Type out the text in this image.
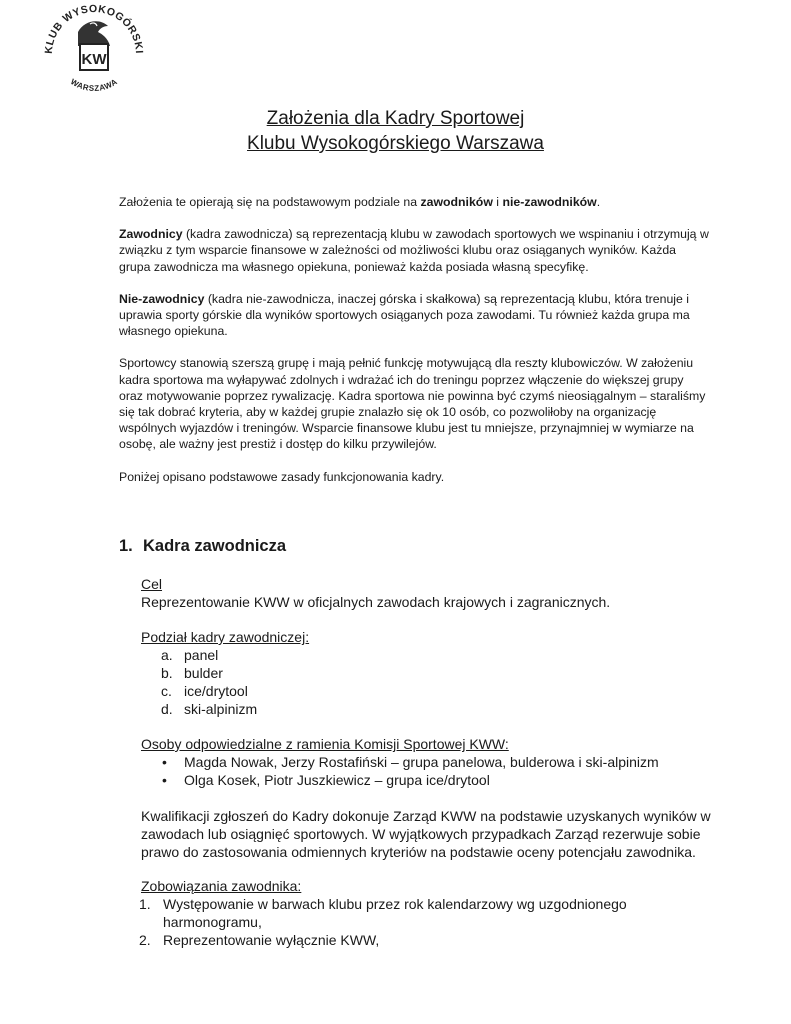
KLUB WYSOKOGÓRSKI
WARSZAWA
KW
Założenia dla Kadry Sportowej
Klubu Wysokogórskiego Warszawa

Założenia te opierają się na podstawowym podziale na zawodników i nie-zawodników.

Zawodnicy (kadra zawodnicza) są reprezentacją klubu w zawodach sportowych we wspinaniu i otrzymują w związku z tym wsparcie finansowe w zależności od możliwości klubu oraz osiąganych wyników. Każda grupa zawodnicza ma własnego opiekuna, ponieważ każda posiada własną specyfikę.

Nie-zawodnicy (kadra nie-zawodnicza, inaczej górska i skałkowa) są reprezentacją klubu, która trenuje i uprawia sporty górskie dla wyników sportowych osiąganych poza zawodami. Tu również każda grupa ma własnego opiekuna.

Sportowcy stanowią szerszą grupę i mają pełnić funkcję motywującą dla reszty klubowiczów. W założeniu kadra sportowa ma wyłapywać zdolnych i wdrażać ich do treningu poprzez włączenie do większej grupy oraz motywowanie poprzez rywalizację. Kadra sportowa nie powinna być czymś nieosiągalnym – staraliśmy się tak dobrać kryteria, aby w każdej grupie znalazło się ok 10 osób, co pozwoliłoby na organizację wspólnych wyjazdów i treningów. Wsparcie finansowe klubu jest tu mniejsze, przynajmniej w wymiarze na osobę, ale ważny jest prestiż i dostęp do kilku przywilejów.

Poniżej opisano podstawowe zasady funkcjonowania kadry.

1. Kadra zawodnicza
Cel
Reprezentowanie KWW w oficjalnych zawodach krajowych i zagranicznych.
Podział kadry zawodniczej:
a. panel
b. bulder
c. ice/drytool
d. ski-alpinizm
Osoby odpowiedzialne z ramienia Komisji Sportowej KWW:
• Magda Nowak, Jerzy Rostafiński – grupa panelowa, bulderowa i ski-alpinizm
• Olga Kosek, Piotr Juszkiewicz – grupa ice/drytool
Kwalifikacji zgłoszeń do Kadry dokonuje Zarząd KWW na podstawie uzyskanych wyników w zawodach lub osiągnięć sportowych. W wyjątkowych przypadkach Zarząd rezerwuje sobie prawo do zastosowania odmiennych kryteriów na podstawie oceny potencjału zawodnika.
Zobowiązania zawodnika:
1. Występowanie w barwach klubu przez rok kalendarzowy wg uzgodnionego harmonogramu,
2. Reprezentowanie wyłącznie KWW,
